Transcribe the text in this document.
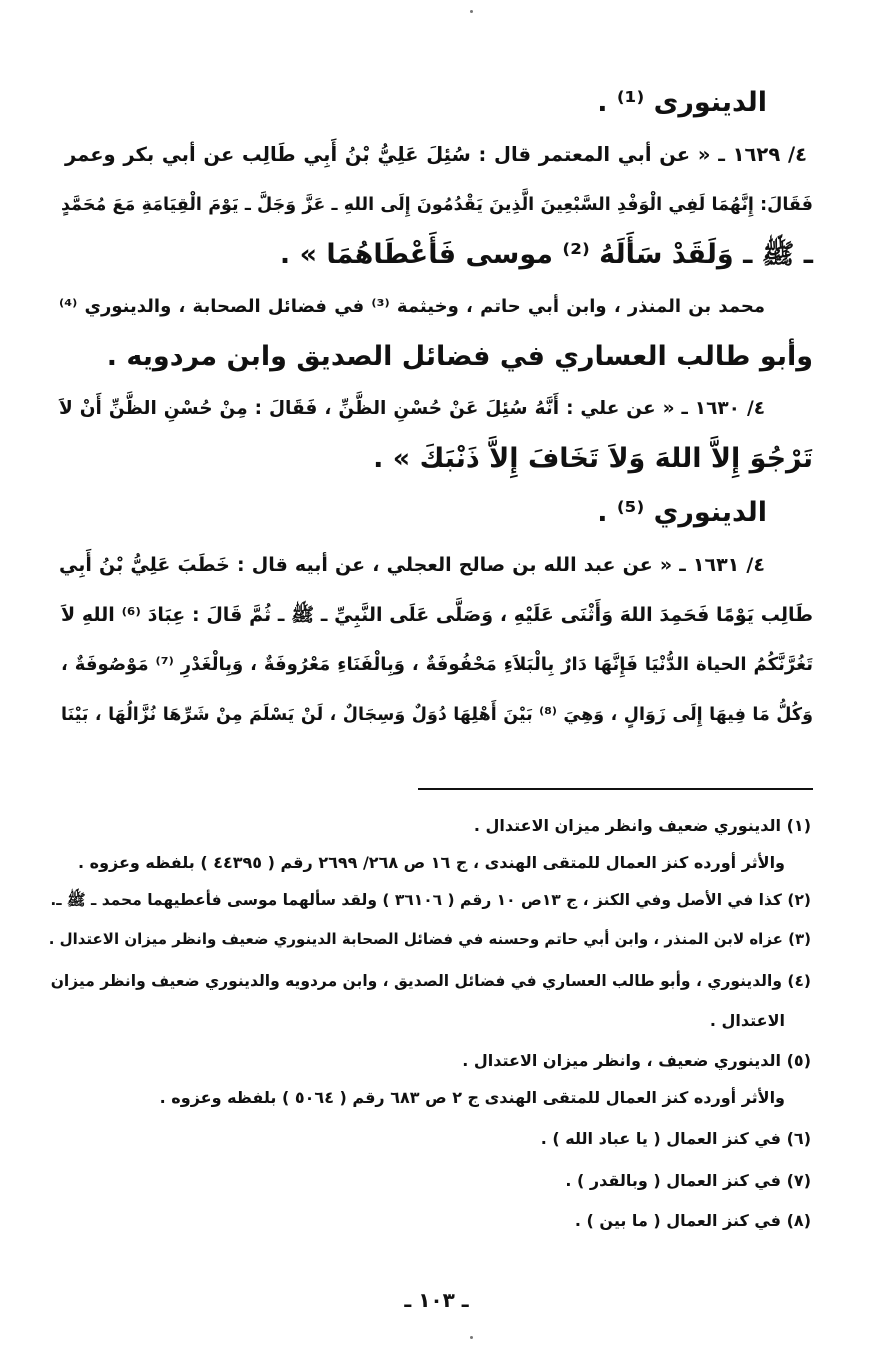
الدينورى ⁽¹⁾ .
٤/ ١٦٢٩ ـ « عن أبي المعتمر قال : سُئِلَ عَلِيُّ بْنُ أَبِي طَالِب عن أبي بكر وعمر
فَقَالَ: إِنَّهُمَا لَفِي الْوَفْدِ السَّبْعِينَ الَّذِينَ يَقْدُمُونَ إِلَى اللهِ ـ عَزَّ وَجَلَّ ـ يَوْمَ الْقِيَامَةِ مَعَ مُحَمَّدٍ
ـ ﷺ ـ وَلَقَدْ سَأَلَهُ ⁽²⁾ موسى فَأَعْطَاهُمَا » .
محمد بن المنذر ، وابن أبي حاتم ، وخيثمة ⁽³⁾ في فضائل الصحابة ، والدينوري ⁽⁴⁾
وأبو طالب العساري في فضائل الصديق وابن مردويه .
٤/ ١٦٣٠ ـ « عن علي : أَنَّهُ سُئِلَ عَنْ حُسْنِ الظَّنِّ ، فَقَالَ : مِنْ حُسْنِ الظَّنِّ أَنْ لاَ
تَرْجُوَ إِلاَّ اللهَ وَلاَ تَخَافَ إِلاَّ ذَنْبَكَ » .
الدينوري ⁽⁵⁾ .
٤/ ١٦٣١ ـ « عن عبد الله بن صالح العجلي ، عن أبيه قال : خَطَبَ عَلِيُّ بْنُ أَبِي
طَالِب يَوْمًا فَحَمِدَ اللهَ وَأَثْنَى عَلَيْهِ ، وَصَلَّى عَلَى النَّبِيِّ ـ ﷺ ـ ثُمَّ قَالَ : عِبَادَ ⁽⁶⁾ اللهِ لاَ
تَغُرَّنَّكُمُ الحياة الدُّنْيَا فَإِنَّهَا دَارٌ بِالْبَلاَءِ مَحْفُوفَةٌ ، وَبِالْفَنَاءِ مَعْرُوفَةٌ ، وَبِالْغَدْرِ ⁽⁷⁾ مَوْصُوفَةٌ ،
وَكُلُّ مَا فِيهَا إِلَى زَوَالٍ ، وَهِيَ ⁽⁸⁾ بَيْنَ أَهْلِهَا دُوَلٌ وَسِجَالٌ ، لَنْ يَسْلَمَ مِنْ شَرِّهَا نُزَّالُهَا ، بَيْنَا
(١) الدينوري ضعيف وانظر ميزان الاعتدال .
والأثر أورده كنز العمال للمتقى الهندى ، ج ١٦ ص ٢٦٨/ ٢٦٩٩ رقم ( ٤٤٣٩٥ ) بلفظه وعزوه .
(٢) كذا في الأصل وفي الكنز ، ج ١٣ص ١٠ رقم ( ٣٦١٠٦ ) ولقد سألهما موسى فأعطيهما محمد ـ ﷺ ـ.
(٣) عزاه لابن المنذر ، وابن أبي حاتم وحسنه في فضائل الصحابة الدينوري ضعيف وانظر ميزان الاعتدال .
(٤) والدينوري ، وأبو طالب العساري في فضائل الصديق ، وابن مردويه والدينوري ضعيف وانظر ميزان
الاعتدال .
(٥) الدينوري ضعيف ، وانظر ميزان الاعتدال .
والأثر أورده كنز العمال للمتقى الهندى ج ٢ ص ٦٨٣ رقم ( ٥٠٦٤ ) بلفظه وعزوه .
(٦) في كنز العمال ( يا عباد الله ) .
(٧) في كنز العمال ( وبالقدر ) .
(٨) في كنز العمال ( ما بين ) .
ـ ١٠٣ ـ
